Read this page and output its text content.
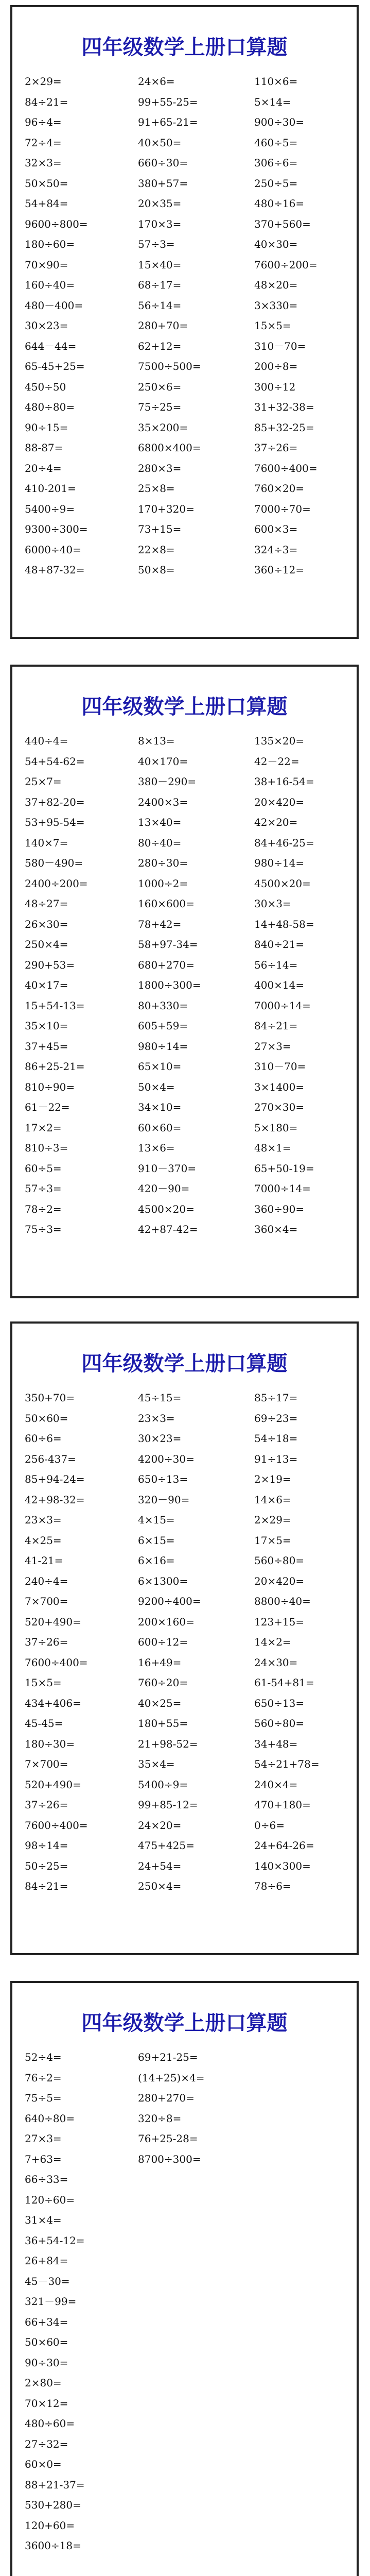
四年级数学上册口算题
2×29=	24×6=	110×6=
84÷21=	99+55-25=	5×14=
96÷4=	91+65-21=	900÷30=
72÷4=	40×50=	460÷5=
32×3=	660÷30=	306÷6=
50×50=	380+57=	250÷5=
54+84=	20×35=	480÷16=
9600÷800=	170×3=	370+560=
180÷60=	57÷3=	40×30=
70×90=	15×40=	7600÷200=
160÷40=	68÷17=	48×20=
480－400=	56÷14=	3×330=
30×23=	280+70=	15×5=
644－44=	62+12=	310－70=
65-45+25=	7500÷500=	200÷8=
450÷50	250×6=	300÷12
480÷80=	75÷25=	31+32-38=
90÷15=	35×200=	85+32-25=
88-87=	6800×400=	37÷26=
20÷4=	280×3=	7600÷400=
410-201=	25×8=	760×20=
5400÷9=	170+320=	7000÷70=
9300÷300=	73+15=	600×3=
6000÷40=	22×8=	324÷3=
48+87-32=	50×8=	360÷12=
四年级数学上册口算题
440÷4=	8×13=	135×20=
54+54-62=	40×170=	42－22=
25×7=	380－290=	38+16-54=
37+82-20=	2400×3=	20×420=
53+95-54=	13×40=	42×20=
140×7=	80÷40=	84+46-25=
580－490=	280÷30=	980÷14=
2400÷200=	1000÷2=	4500×20=
48÷27=	160×600=	30×3=
26×30=	78+42=	14+48-58=
250×4=	58+97-34=	840÷21=
290+53=	680+270=	56÷14=
40×17=	1800÷300=	400×14=
15+54-13=	80+330=	7000÷14=
35×10=	605+59=	84÷21=
37+45=	980÷14=	27×3=
86+25-21=	65×10=	310－70=
810÷90=	50×4=	3×1400=
61－22=	34×10=	270×30=
17×2=	60×60=	5×180=
810÷3=	13×6=	48×1=
60÷5=	910－370=	65+50-19=
57÷3=	420－90=	7000÷14=
78÷2=	4500×20=	360÷90=
75÷3=	42+87-42=	360×4=
四年级数学上册口算题
350+70=	45÷15=	85÷17=
50×60=	23×3=	69÷23=
60÷6=	30×23=	54÷18=
256-437=	4200÷30=	91÷13=
85+94-24=	650÷13=	2×19=
42+98-32=	320－90=	14×6=
23×3=	4×15=	2×29=
4×25=	6×15=	17×5=
41-21=	6×16=	560÷80=
240÷4=	6×1300=	20×420=
7×700=	9200÷400=	8800÷40=
520+490=	200×160=	123+15=
37÷26=	600÷12=	14×2=
7600÷400=	16+49=	24×30=
15×5=	760÷20=	61-54+81=
434+406=	40×25=	650÷13=
45-45=	180+55=	560÷80=
180÷30=	21+98-52=	34+48=
7×700=	35×4=	54÷21+78=
520+490=	5400÷9=	240×4=
37÷26=	99+85-12=	470+180=
7600÷400=	24×20=	0÷6=
98÷14=	475+425=	24+64-26=
50÷25=	24+54=	140×300=
84÷21=	250×4=	78÷6=
四年级数学上册口算题
52÷4=	69+21-25=
76÷2=	(14+25)×4=
75÷5=	280+270=
640÷80=	320÷8=
27×3=	76+25-28=
7+63=	8700÷300=
66÷33=
120÷60=
31×4=
36+54-12=
26+84=
45－30=
321－99=
66+34=
50×60=
90÷30=
2×80=
70×12=
480÷60=
27÷32=
60×0=
88+21-37=
530+280=
120+60=
3600÷18=
